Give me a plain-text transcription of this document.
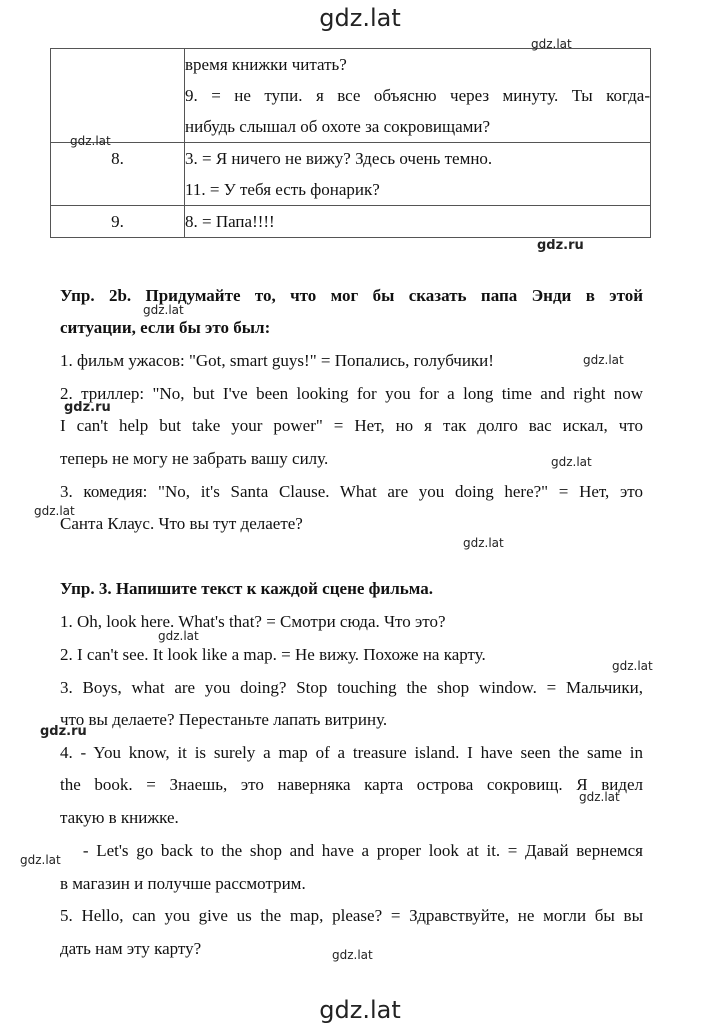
gdz.lat

	время книжки читать?
9. = не тупи. я все объясню через минуту. Ты когда-
нибудь слышал об охоте за сокровищами?

8.	3. = Я ничего не вижу? Здесь очень темно.
11. = У тебя есть фонарик?

9.	8. = Папа!!!!
Упр. 2b. Придумайте то, что мог бы сказать папа Энди в этой
ситуации, если бы это был:
1. фильм ужасов: "Got, smart guys!" = Попались, голубчики!
2. триллер: "No, but I've been looking for you for a long time and right now
I can't help but take your power" = Нет, но я так долго вас искал, что
теперь не могу не забрать вашу силу.
3. комедия: "No, it's Santa Clause. What are you doing here?" = Нет, это
Санта Клаус. Что вы тут делаете?
Упр. 3. Напишите текст к каждой сцене фильма.
1. Oh, look here. What's that? = Смотри сюда. Что это?
2. I can't see. It look like a map. = Не вижу. Похоже на карту.
3. Boys, what are you doing? Stop touching the shop window. = Мальчики,
что вы делаете? Перестаньте лапать витрину.
4. - You know, it is surely a map of a treasure island. I have seen the same in
the book. = Знаешь, это наверняка карта острова сокровищ. Я видел
такую в книжке.
- Let's go back to the shop and have a proper look at it. = Давай вернемся
в магазин и получше рассмотрим.
5. Hello, can you give us the map, please? = Здравствуйте, не могли бы вы
дать нам эту карту?
gdz.lat
gdz.lat
gdz.ru
gdz.lat
gdz.lat
gdz.ru
gdz.lat
gdz.lat
gdz.lat
gdz.lat
gdz.lat
gdz.ru
gdz.lat
gdz.lat
gdz.lat
gdz.lat
